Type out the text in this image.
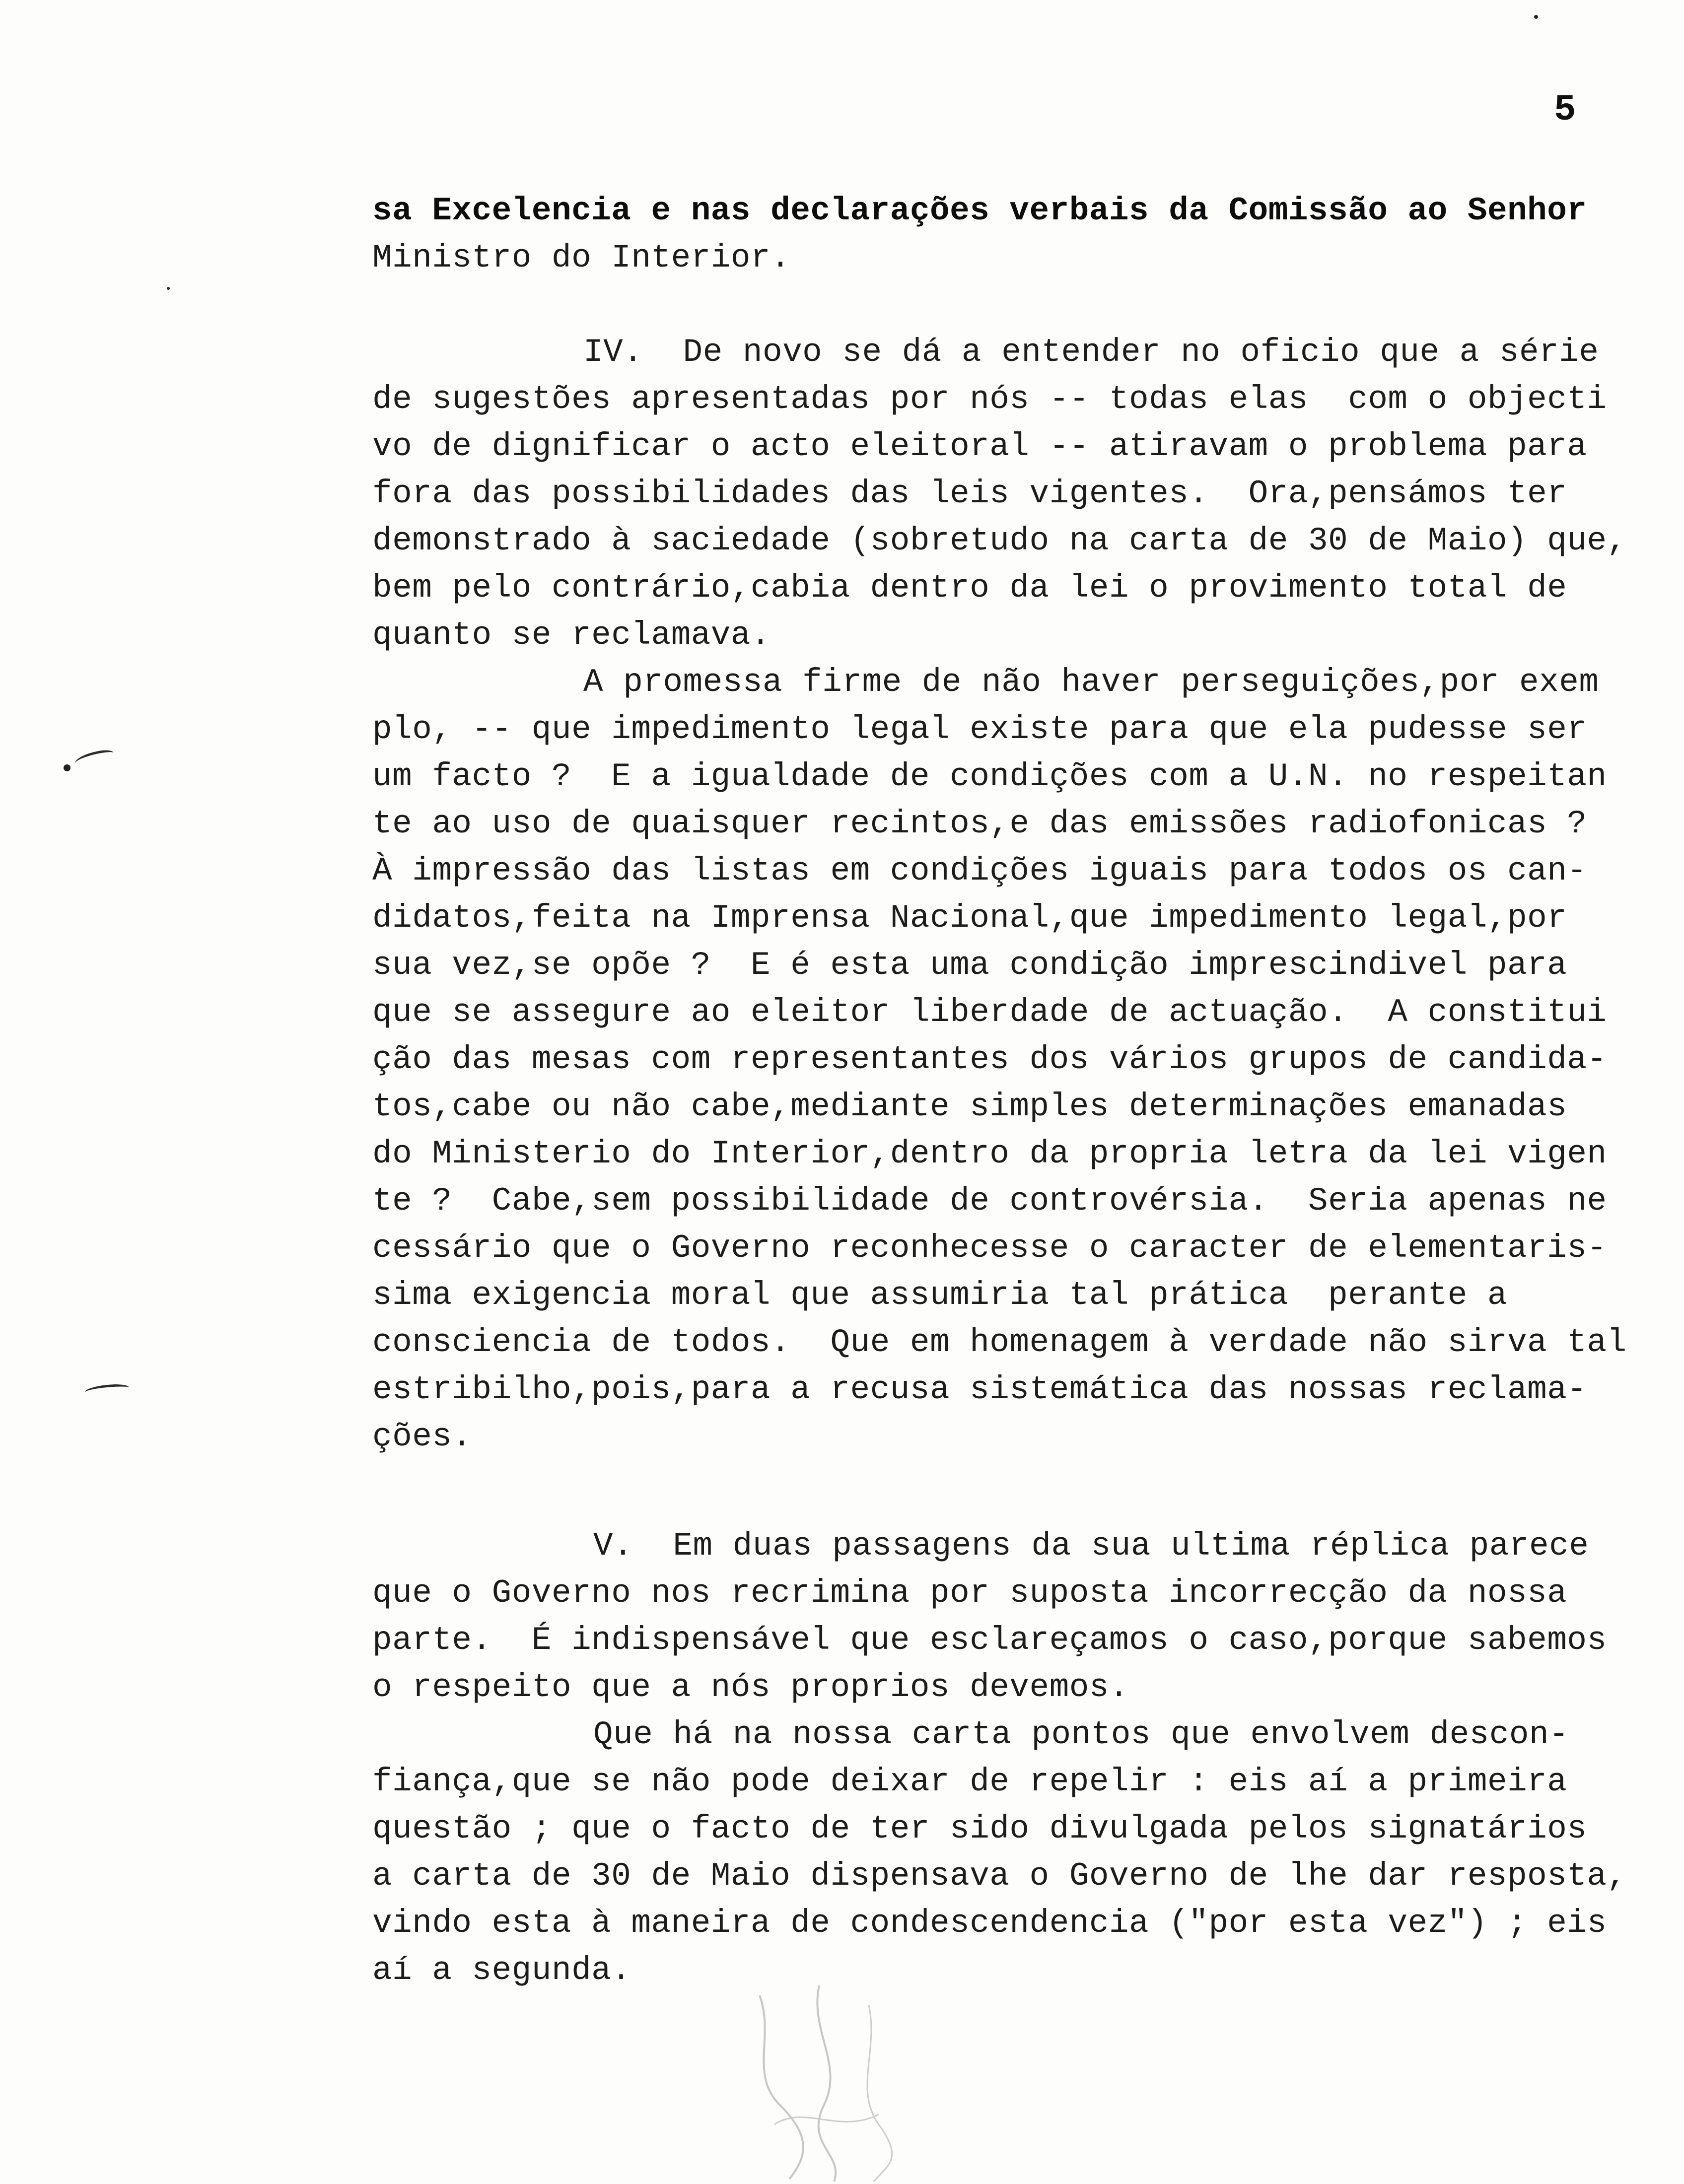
5
sa Excelencia e nas declarações verbais da Comissão ao Senhor
Ministro do Interior.
IV.  De novo se dá a entender no oficio que a série
de sugestões apresentadas por nós -- todas elas  com o objecti
vo de dignificar o acto eleitoral -- atiravam o problema para
fora das possibilidades das leis vigentes.  Ora,pensámos ter
demonstrado à saciedade (sobretudo na carta de 30 de Maio) que,
bem pelo contrário,cabia dentro da lei o provimento total de
quanto se reclamava.
A promessa firme de não haver perseguições,por exem
plo, -- que impedimento legal existe para que ela pudesse ser
um facto ?  E a igualdade de condições com a U.N. no respeitan
te ao uso de quaisquer recintos,e das emissões radiofonicas ?
À impressão das listas em condições iguais para todos os can-
didatos,feita na Imprensa Nacional,que impedimento legal,por
sua vez,se opõe ?  E é esta uma condição imprescindivel para
que se assegure ao eleitor liberdade de actuação.  A constitui
ção das mesas com representantes dos vários grupos de candida-
tos,cabe ou não cabe,mediante simples determinações emanadas
do Ministerio do Interior,dentro da propria letra da lei vigen
te ?  Cabe,sem possibilidade de controvérsia.  Seria apenas ne
cessário que o Governo reconhecesse o caracter de elementaris-
sima exigencia moral que assumiria tal prática  perante a
consciencia de todos.  Que em homenagem à verdade não sirva tal
estribilho,pois,para a recusa sistemática das nossas reclama-
ções.
V.  Em duas passagens da sua ultima réplica parece
que o Governo nos recrimina por suposta incorrecção da nossa
parte.  É indispensável que esclareçamos o caso,porque sabemos
o respeito que a nós proprios devemos.
Que há na nossa carta pontos que envolvem descon-
fiança,que se não pode deixar de repelir : eis aí a primeira
questão ; que o facto de ter sido divulgada pelos signatários
a carta de 30 de Maio dispensava o Governo de lhe dar resposta,
vindo esta à maneira de condescendencia ("por esta vez") ; eis
aí a segunda.
